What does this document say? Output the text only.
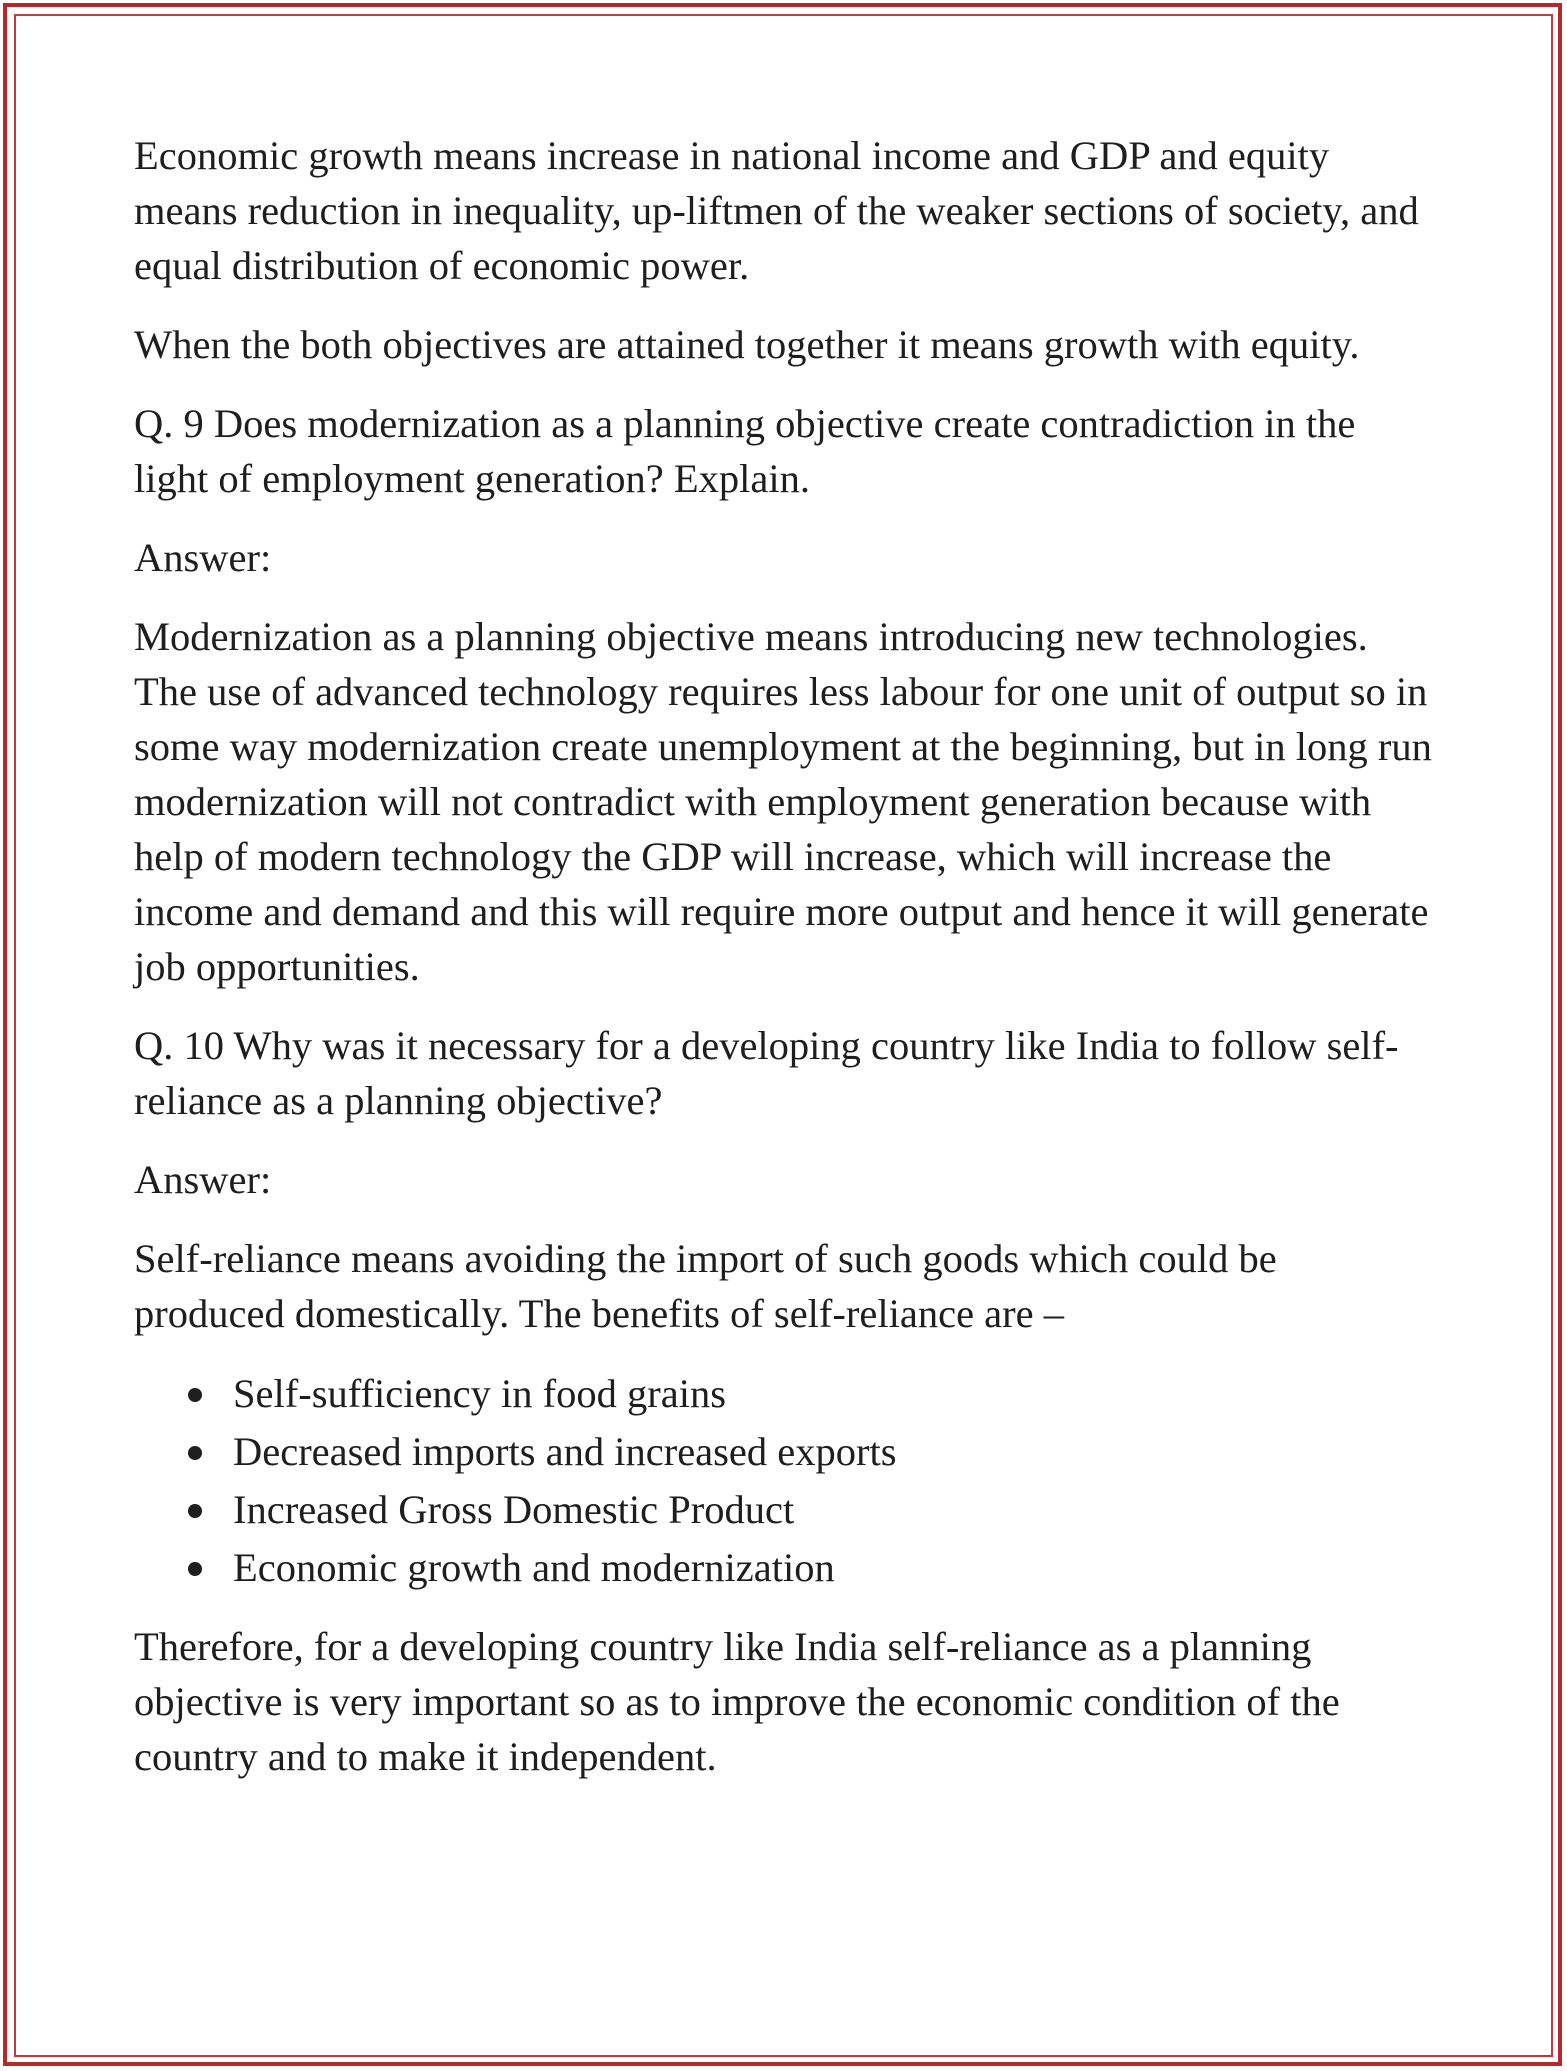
Economic growth means increase in national income and GDP and equity means reduction in inequality, up-liftmen of the weaker sections of society, and equal distribution of economic power.

When the both objectives are attained together it means growth with equity.

Q. 9 Does modernization as a planning objective create contradiction in the light of employment generation? Explain.

Answer:

Modernization as a planning objective means introducing new technologies. The use of advanced technology requires less labour for one unit of output so in some way modernization create unemployment at the beginning, but in long run modernization will not contradict with employment generation because with help of modern technology the GDP will increase, which will increase the income and demand and this will require more output and hence it will generate job opportunities.

Q. 10 Why was it necessary for a developing country like India to follow self-reliance as a planning objective?

Answer:

Self-reliance means avoiding the import of such goods which could be produced domestically. The benefits of self-reliance are –

Self-sufficiency in food grains
Decreased imports and increased exports
Increased Gross Domestic Product
Economic growth and modernization

Therefore, for a developing country like India self-reliance as a planning objective is very important so as to improve the economic condition of the country and to make it independent.
